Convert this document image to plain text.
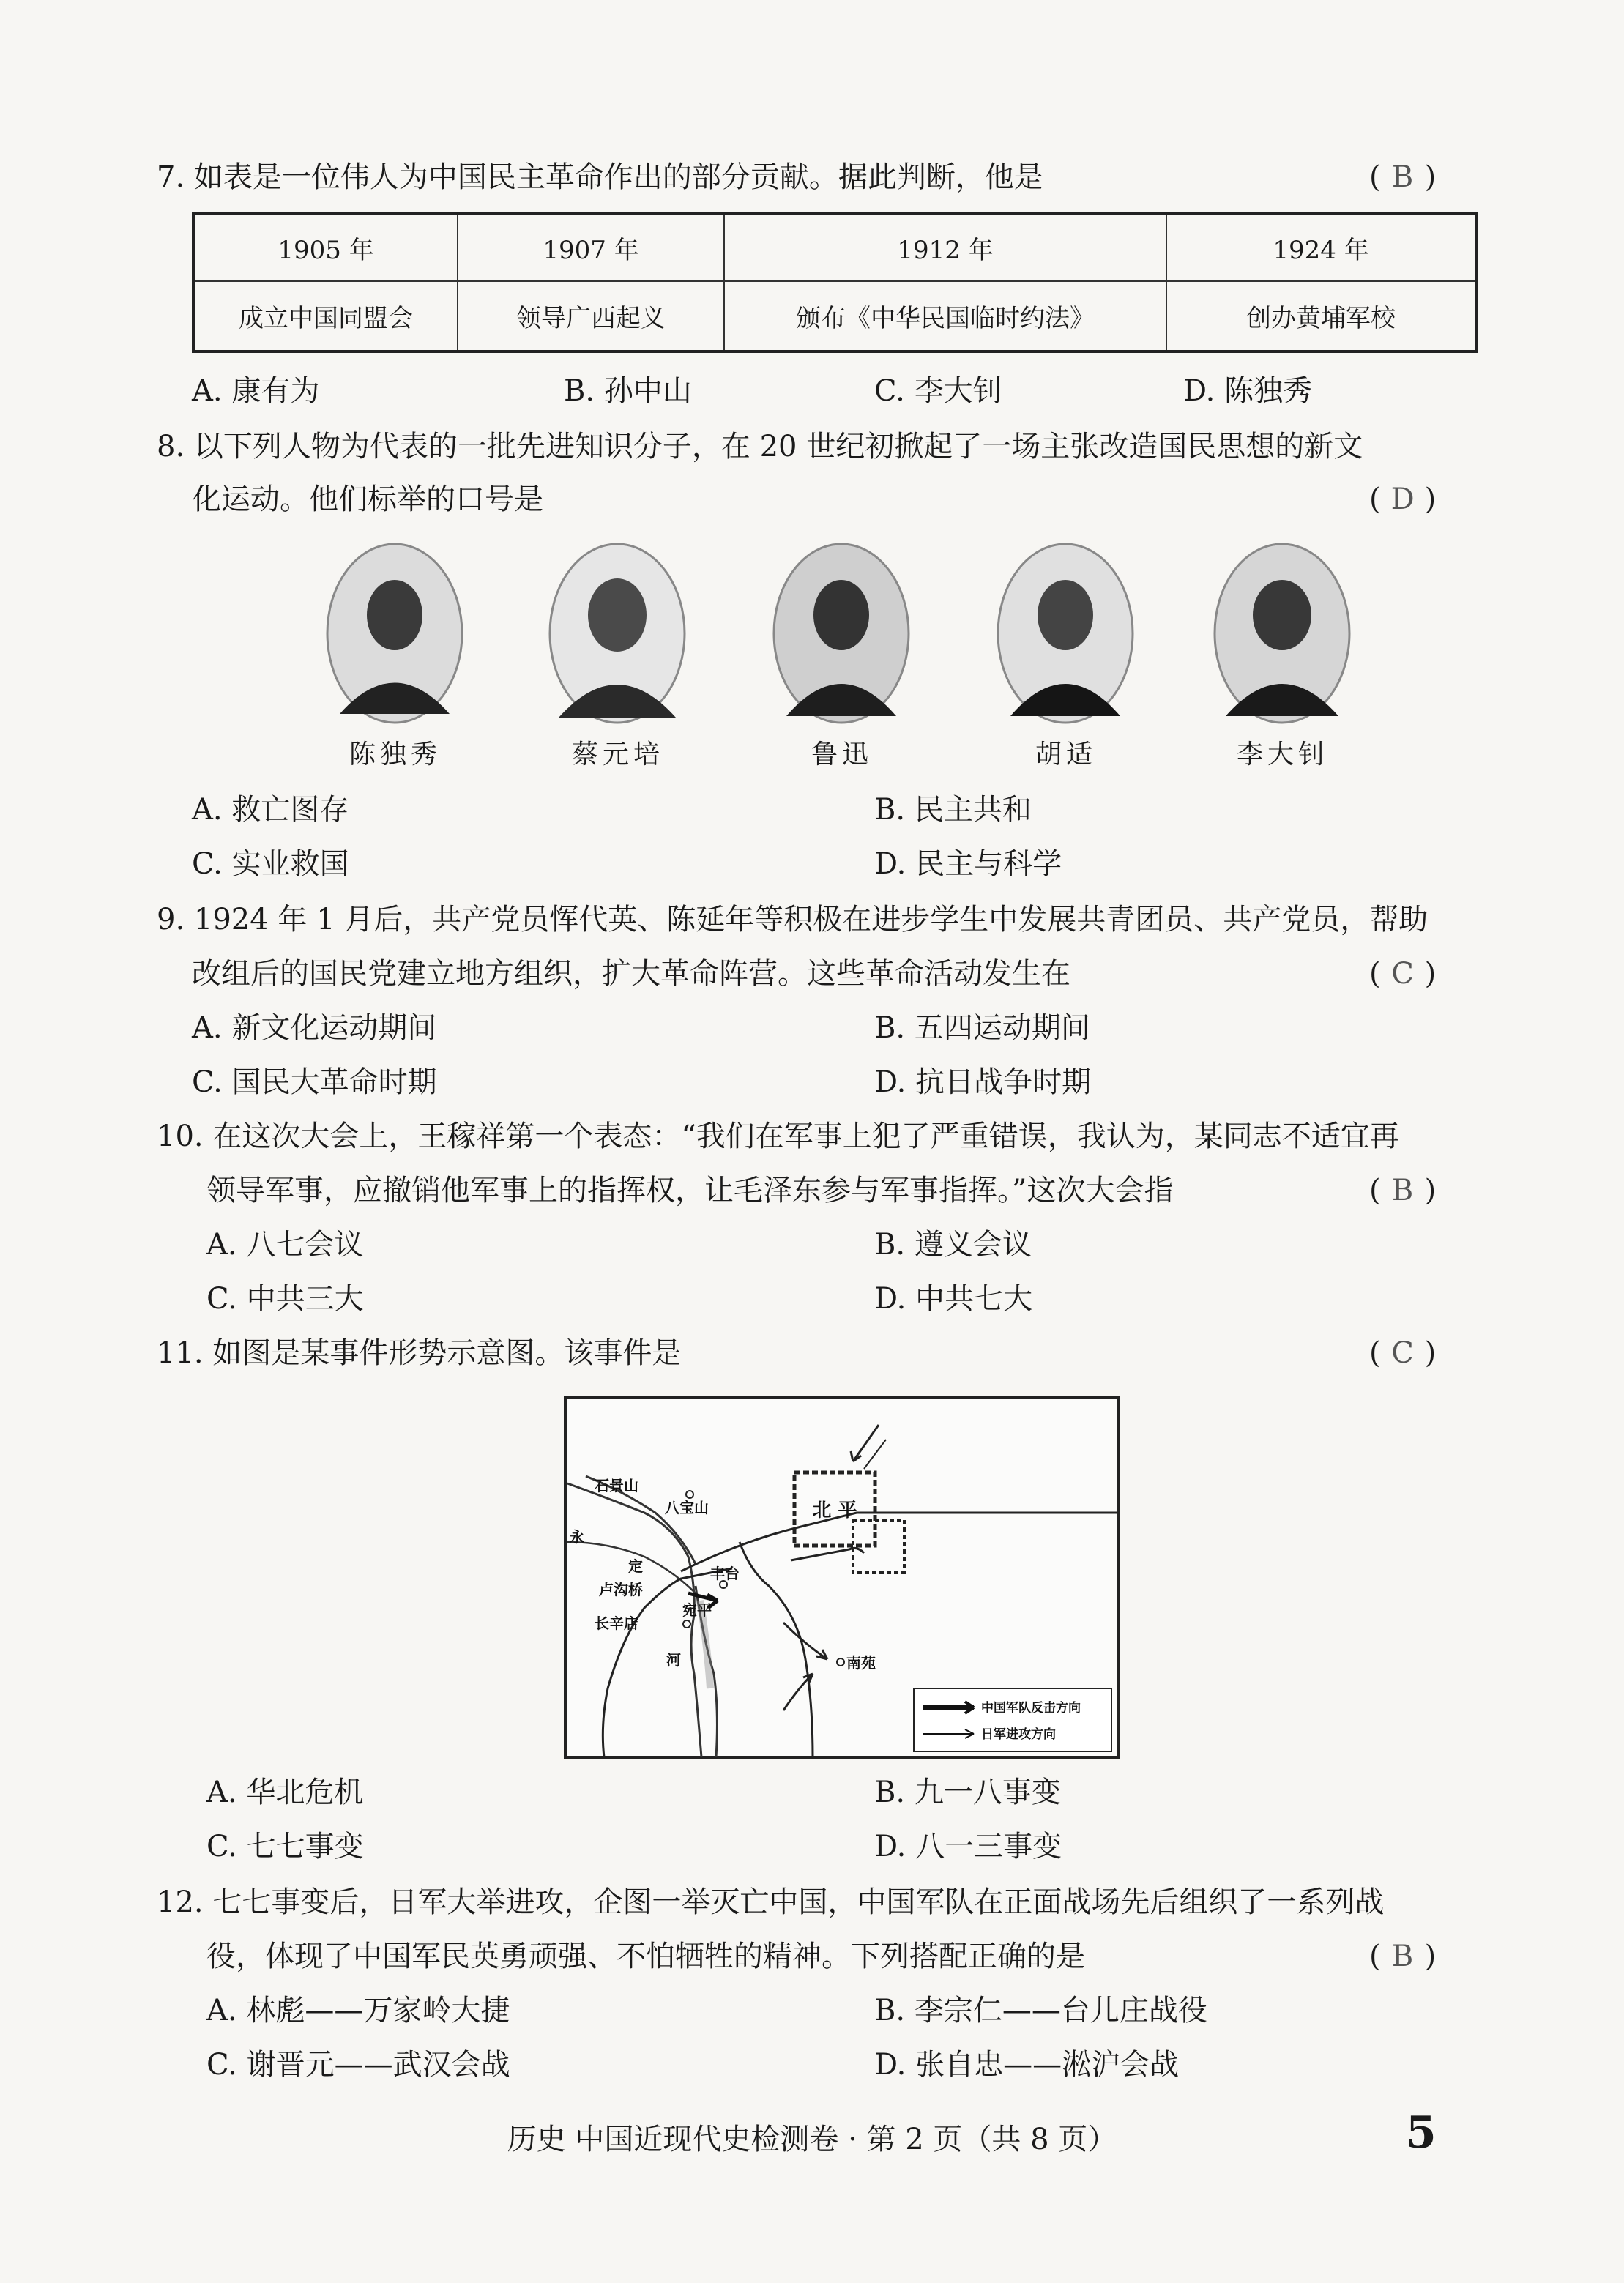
7. 如表是一位伟人为中国民主革命作出的部分贡献。据此判断，他是	( B )
1905 年	1907 年	1912 年	1924 年
成立中国同盟会	领导广西起义	颁布《中华民国临时约法》	创办黄埔军校
A. 康有为	B. 孙中山	C. 李大钊	D. 陈独秀
8. 以下列人物为代表的一批先进知识分子，在 20 世纪初掀起了一场主张改造国民思想的新文
化运动。他们标举的口号是	( D )
陈独秀	蔡元培	鲁迅	胡适	李大钊
A. 救亡图存	B. 民主共和
C. 实业救国	D. 民主与科学
9. 1924 年 1 月后，共产党员恽代英、陈延年等积极在进步学生中发展共青团员、共产党员，帮助
改组后的国民党建立地方组织，扩大革命阵营。这些革命活动发生在	( C )
A. 新文化运动期间	B. 五四运动期间
C. 国民大革命时期	D. 抗日战争时期
10. 在这次大会上，王稼祥第一个表态：“我们在军事上犯了严重错误，我认为，某同志不适宜再
领导军事，应撤销他军事上的指挥权，让毛泽东参与军事指挥。”这次大会指	( B )
A. 八七会议	B. 遵义会议
C. 中共三大	D. 中共七大
11. 如图是某事件形势示意图。该事件是	( C )
北 平
石景山
八宝山
卢沟桥
丰台
宛平
长辛店
南苑
永
定
河
中国军队反击方向
日军进攻方向
A. 华北危机	B. 九一八事变
C. 七七事变	D. 八一三事变
12. 七七事变后，日军大举进攻，企图一举灭亡中国，中国军队在正面战场先后组织了一系列战
役，体现了中国军民英勇顽强、不怕牺牲的精神。下列搭配正确的是	( B )
A. 林彪——万家岭大捷	B. 李宗仁——台儿庄战役
C. 谢晋元——武汉会战	D. 张自忠——淞沪会战
历史 中国近现代史检测卷 · 第 2 页（共 8 页）	5
